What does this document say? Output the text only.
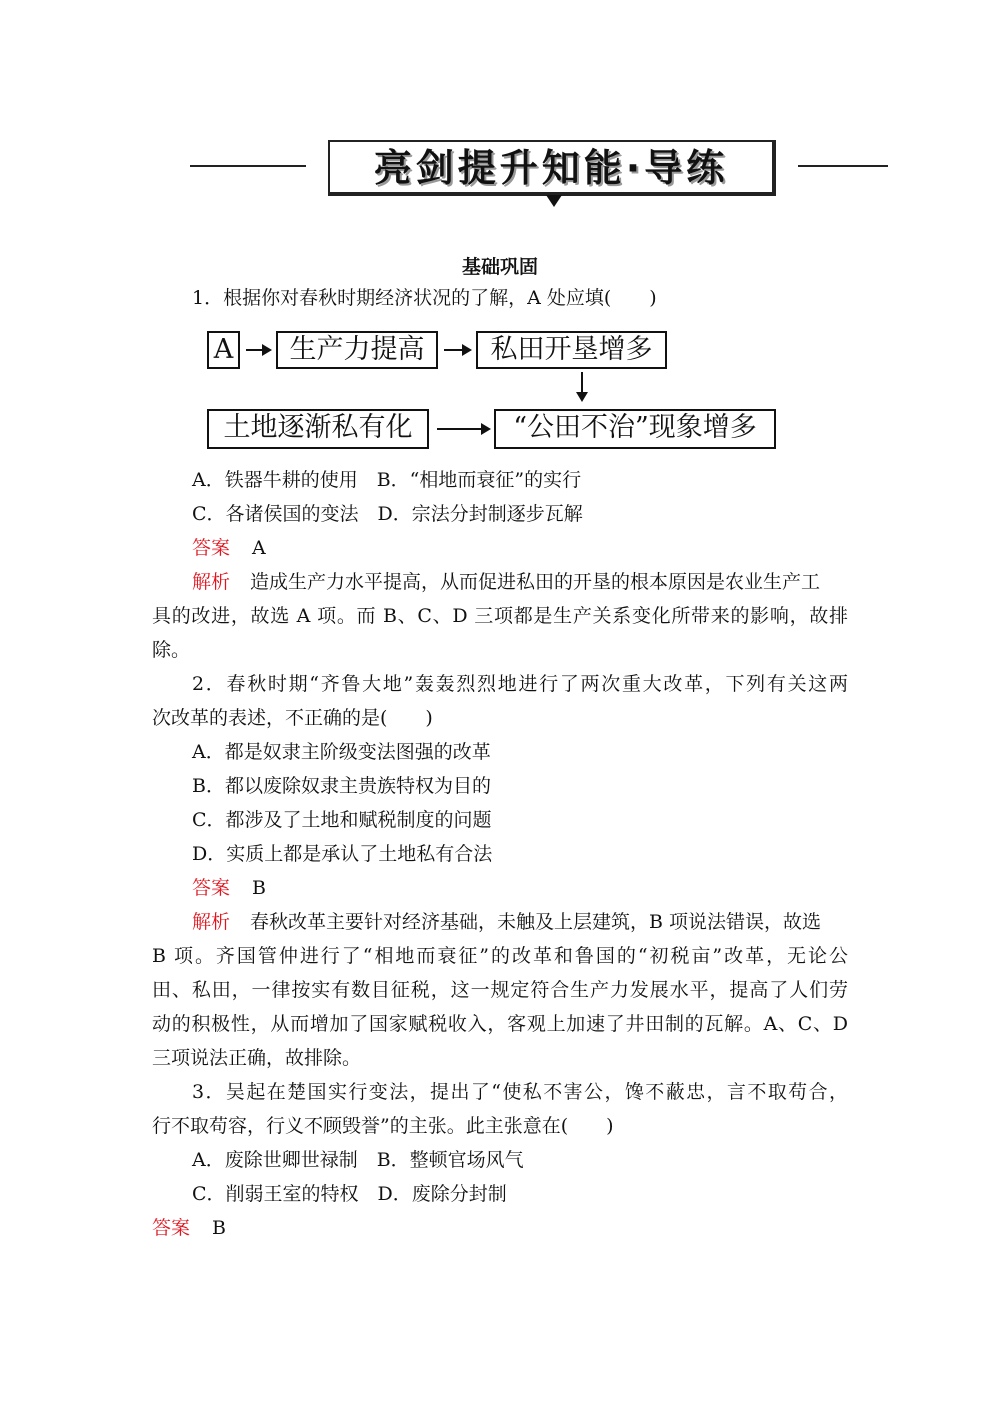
亮剑提升知能·导练
基础巩固
1．根据你对春秋时期经济状况的了解，A 处应填(　　)
A	生产力提高	私田开垦增多
土地逐渐私有化	“公田不治”现象增多
A．铁器牛耕的使用　B．“相地而衰征”的实行
C．各诸侯国的变法　D．宗法分封制逐步瓦解
答案 A
解析 造成生产力水平提高，从而促进私田的开垦的根本原因是农业生产工
具的改进，故选 A 项。而 B、C、D 三项都是生产关系变化所带来的影响，故排
除。
2．春秋时期“齐鲁大地”轰轰烈烈地进行了两次重大改革，下列有关这两
次改革的表述，不正确的是(　　)
A．都是奴隶主阶级变法图强的改革
B．都以废除奴隶主贵族特权为目的
C．都涉及了土地和赋税制度的问题
D．实质上都是承认了土地私有合法
答案 B
解析 春秋改革主要针对经济基础，未触及上层建筑，B 项说法错误，故选
B 项。齐国管仲进行了“相地而衰征”的改革和鲁国的“初税亩”改革，无论公
田、私田，一律按实有数目征税，这一规定符合生产力发展水平，提高了人们劳
动的积极性，从而增加了国家赋税收入，客观上加速了井田制的瓦解。A、C、D
三项说法正确，故排除。
3．吴起在楚国实行变法，提出了“使私不害公，馋不蔽忠，言不取苟合，
行不取苟容，行义不顾毁誉”的主张。此主张意在(　　)
A．废除世卿世禄制　B．整顿官场风气
C．削弱王室的特权　D．废除分封制
答案 B
